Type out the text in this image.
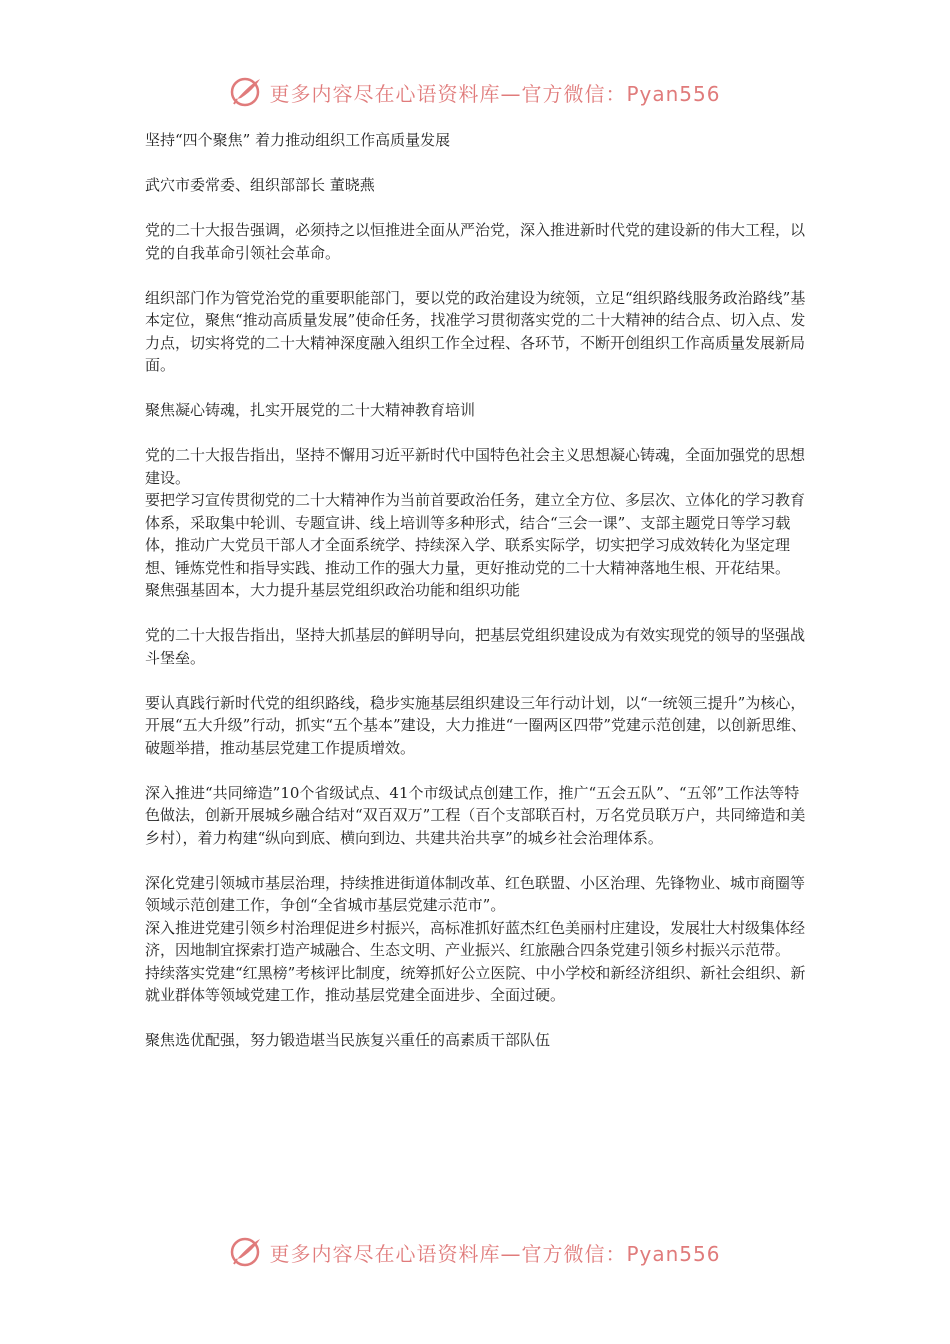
更多内容尽在心语资料库—官方微信：Pyan556

坚持“四个聚焦” 着力推动组织工作高质量发展

武穴市委常委、组织部部长 董晓燕

党的二十大报告强调，必须持之以恒推进全面从严治党，深入推进新时代党的建设新的伟大工程，以党的自我革命引领社会革命。

组织部门作为管党治党的重要职能部门，要以党的政治建设为统领，立足“组织路线服务政治路线”基本定位，聚焦“推动高质量发展”使命任务，找准学习贯彻落实党的二十大精神的结合点、切入点、发力点，切实将党的二十大精神深度融入组织工作全过程、各环节，不断开创组织工作高质量发展新局面。

聚焦凝心铸魂，扎实开展党的二十大精神教育培训

党的二十大报告指出，坚持不懈用习近平新时代中国特色社会主义思想凝心铸魂，全面加强党的思想建设。

要把学习宣传贯彻党的二十大精神作为当前首要政治任务，建立全方位、多层次、立体化的学习教育体系，采取集中轮训、专题宣讲、线上培训等多种形式，结合“三会一课”、支部主题党日等学习载体，推动广大党员干部人才全面系统学、持续深入学、联系实际学，切实把学习成效转化为坚定理想、锤炼党性和指导实践、推动工作的强大力量，更好推动党的二十大精神落地生根、开花结果。

聚焦强基固本，大力提升基层党组织政治功能和组织功能

党的二十大报告指出，坚持大抓基层的鲜明导向，把基层党组织建设成为有效实现党的领导的坚强战斗堡垒。

要认真践行新时代党的组织路线，稳步实施基层组织建设三年行动计划，以“一统领三提升”为核心，开展“五大升级”行动，抓实“五个基本”建设，大力推进“一圈两区四带”党建示范创建，以创新思维、破题举措，推动基层党建工作提质增效。

深入推进“共同缔造”10个省级试点、41个市级试点创建工作，推广“五会五队”、“五邻”工作法等特色做法，创新开展城乡融合结对“双百双万”工程（百个支部联百村，万名党员联万户，共同缔造和美乡村），着力构建“纵向到底、横向到边、共建共治共享”的城乡社会治理体系。

深化党建引领城市基层治理，持续推进街道体制改革、红色联盟、小区治理、先锋物业、城市商圈等领域示范创建工作，争创“全省城市基层党建示范市”。

深入推进党建引领乡村治理促进乡村振兴，高标准抓好蓝杰红色美丽村庄建设，发展壮大村级集体经济，因地制宜探索打造产城融合、生态文明、产业振兴、红旅融合四条党建引领乡村振兴示范带。

持续落实党建“红黑榜”考核评比制度，统筹抓好公立医院、中小学校和新经济组织、新社会组织、新就业群体等领域党建工作，推动基层党建全面进步、全面过硬。

聚焦选优配强，努力锻造堪当民族复兴重任的高素质干部队伍

更多内容尽在心语资料库—官方微信：Pyan556
